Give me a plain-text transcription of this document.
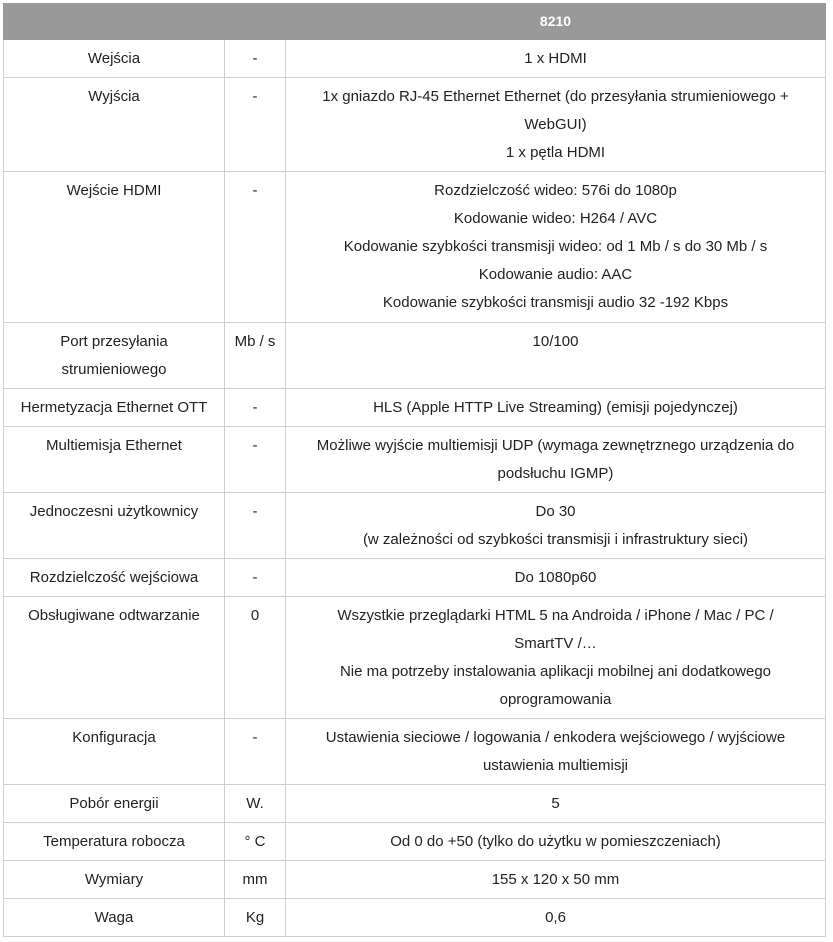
		8210

Wejścia	-	1 x HDMI

Wyjścia	-	1x gniazdo RJ-45 Ethernet Ethernet (do przesyłania strumieniowego +
WebGUI)
1 x pętla HDMI

Wejście HDMI	-	Rozdzielczość wideo: 576i do 1080p
Kodowanie wideo: H264 / AVC
Kodowanie szybkości transmisji wideo: od 1 Mb / s do 30 Mb / s
Kodowanie audio: AAC
Kodowanie szybkości transmisji audio 32 -192 Kbps

Port przesyłania
strumieniowego	Mb / s	10/100

Hermetyzacja Ethernet OTT	-	HLS (Apple HTTP Live Streaming) (emisji pojedynczej)

Multiemisja Ethernet	-	Możliwe wyjście multiemisji UDP (wymaga zewnętrznego urządzenia do
podsłuchu IGMP)

Jednoczesni użytkownicy	-	Do 30
(w zależności od szybkości transmisji i infrastruktury sieci)

Rozdzielczość wejściowa	-	Do 1080p60

Obsługiwane odtwarzanie	0	Wszystkie przeglądarki HTML 5 na Androida / iPhone / Mac / PC /
SmartTV /…
Nie ma potrzeby instalowania aplikacji mobilnej ani dodatkowego
oprogramowania

Konfiguracja	-	Ustawienia sieciowe / logowania / enkodera wejściowego / wyjściowe
ustawienia multiemisji

Pobór energii	W.	5

Temperatura robocza	° C	Od 0 do +50 (tylko do użytku w pomieszczeniach)

Wymiary	mm	155 x 120 x 50 mm

Waga	Kg	0,6
